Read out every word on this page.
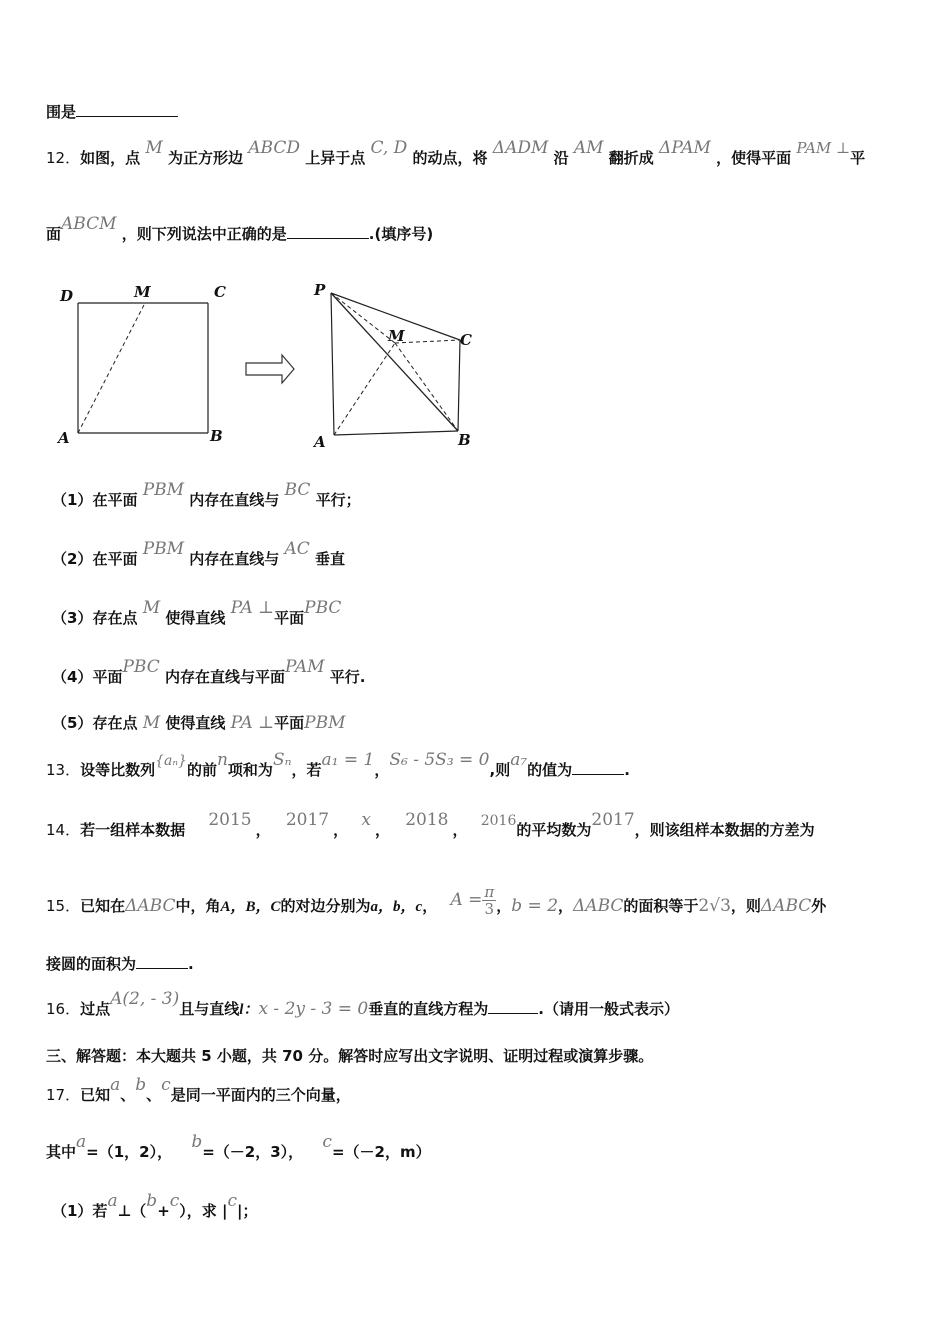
围是
12．如图，点 M 为正方形边 ABCD 上异于点 C, D 的动点，将 ΔADM 沿 AM 翻折成 ΔPAM ，使得平面 PAM ⊥平
面ABCM ，则下列说法中正确的是	.(填序号)
D	M	C
A	B
P
M	C
A	B
（1）在平面 PBM 内存在直线与 BC 平行；
（2）在平面 PBM 内存在直线与 AC 垂直
（3）存在点 M 使得直线 PA ⊥平面PBC
（4）平面PBC 内存在直线与平面PAM 平行.
（5）存在点 M 使得直线 PA ⊥平面PBM
13．设等比数列{aₙ}的前n项和为Sₙ，若a₁ = 1，S₆ - 5S₃ = 0,则a₇的值为	.
14．若一组样本数据 2015 ， 2017 ， x ， 2018 ， 2016的平均数为2017，则该组样本数据的方差为
15．已知在ΔABC中，角A，B，C的对边分别为a，b，c， $A = \frac{\pi}{3}$ ，b = 2，ΔABC的面积等于2√3，则ΔABC外
接圆的面积为	.
16．过点A(2, - 3)且与直线l：x - 2y - 3 = 0垂直的直线方程为	.（请用一般式表示）
三、解答题：本大题共 5 小题，共 70 分。解答时应写出文字说明、证明过程或演算步骤。
17．已知a、b、c是同一平面内的三个向量，
其中a=（1，2）， b=（－2，3）， c=（－2，m）
（1）若a⊥（b+c），求 |c|；
